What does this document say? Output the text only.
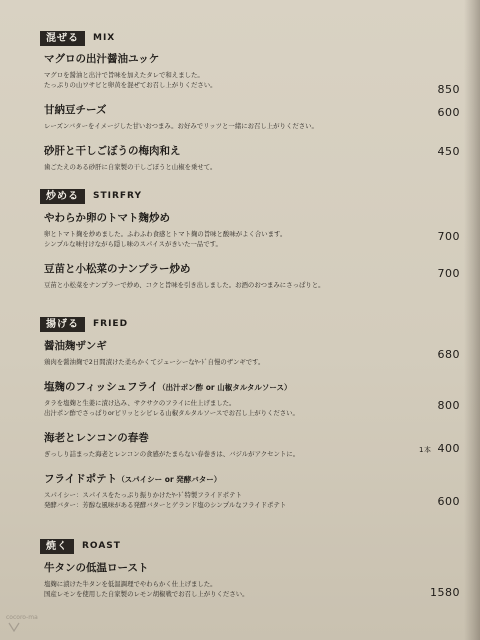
混ぜる	MIX
マグロの出汁醤油ユッケ
マグロを醤油と出汁で旨味を加えたタレで和えました。
たっぷりの山ワサビと卵黄を混ぜてお召し上がりください。	850
甘納豆チーズ
レーズンバターをイメージした甘いおつまみ。お好みでリッツと一緒にお召し上がりください。
600
砂肝と干しごぼうの梅肉和え
歯ごたえのある砂肝に自家製の干しごぼうと山椒を乗せて。
450
炒める	STIRFRY
やわらか卵のトマト麹炒め
卵とトマト麹を炒めました。ふわふわ食感とトマト麹の旨味と酸味がよく合います。
シンプルな味付けながら隠し味のスパイスがきいた一品です。
700
豆苗と小松菜のナンプラー炒め
豆苗と小松菜をナンプラーで炒め、コクと旨味を引き出しました。お酒のおつまみにさっぱりと。
700
揚げる	FRIED
醤油麹ザンギ
鶏肉を醤油麹で2日間漬けた柔らかくてジューシーなﾔｰﾄﾞ自慢のザンギです。
680
塩麹のフィッシュフライ（出汁ポン酢 or 山椒タルタルソース）
タラを塩麹と生姜に漬け込み、サクサクのフライに仕上げました。
出汁ポン酢でさっぱりorピリッとシビレる山椒タルタルソースでお召し上がりください。
800
海老とレンコンの春巻
ぎっしり詰まった海老とレンコンの食感がたまらない春巻きは、バジルがアクセントに。	1本 400
フライドポテト（スパイシー or 発酵バター）
スパイシー：スパイスをたっぷり振りかけたﾔｰﾄﾞ特製フライドポテト
発酵バター：芳醇な風味がある発酵バターとゲランド塩のシンプルなフライドポテト	600
焼く	ROAST
牛タンの低温ロースト
塩麹に漬けた牛タンを低温調理でやわらかく仕上げました。
国産レモンを使用した自家製のレモン胡椒戦でお召し上がりください。	1580
cocoro-ma
